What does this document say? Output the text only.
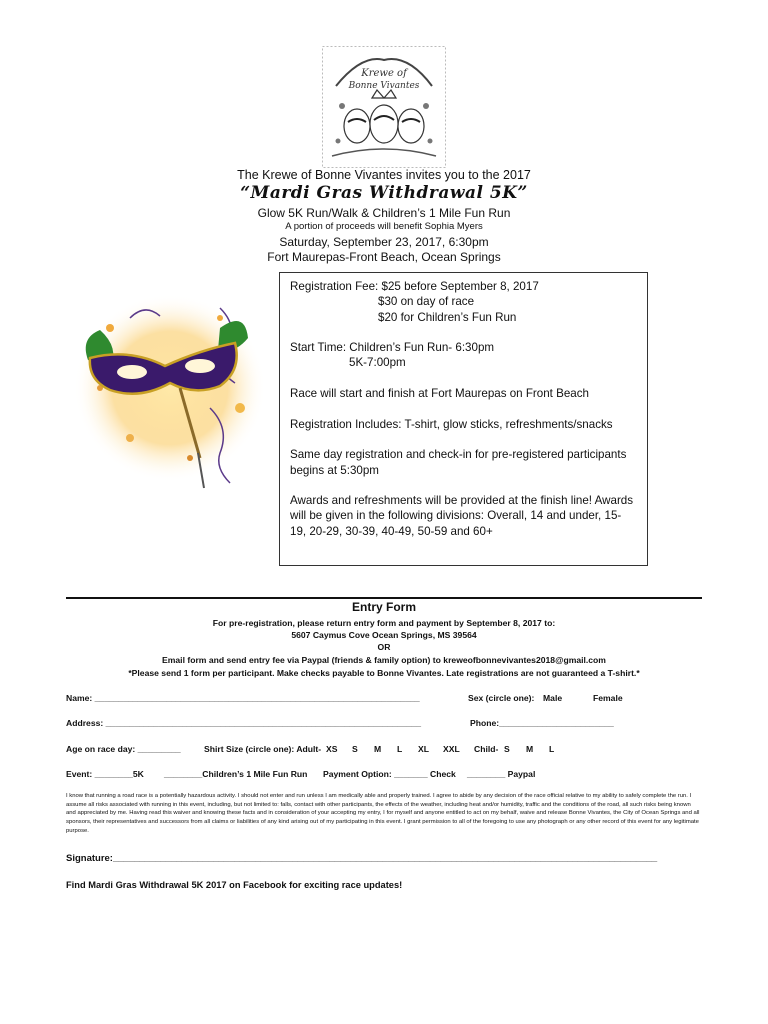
Krewe of
Bonne Vivantes
The Krewe of Bonne Vivantes invites you to the 2017
“Mardi Gras Withdrawal 5K”
Glow 5K Run/Walk & Children’s 1 Mile Fun Run
A portion of proceeds will benefit Sophia Myers
Saturday, September 23, 2017, 6:30pm
Fort Maurepas-Front Beach, Ocean Springs

Registration Fee: $25 before September 8, 2017

$30 on day of race

$20 for Children’s Fun Run

Start Time: Children’s Fun Run- 6:30pm

5K-7:00pm

Race will start and finish at Fort Maurepas on Front Beach

Registration Includes: T-shirt, glow sticks, refreshments/snacks

Same day registration and check-in for pre-registered participants begins at 5:30pm

Awards and refreshments will be provided at the finish line! Awards will be given in the following divisions: Overall, 14 and under, 15-19, 20-29, 30-39, 40-49, 50-59 and 60+

Entry Form
For pre-registration, please return entry form and payment by September 8, 2017 to:
5607 Caymus Cove Ocean Springs, MS 39564
OR
Email form and send entry fee via Paypal (friends & family option) to kreweofbonnevivantes2018@gmail.com
*Please send 1 form per participant. Make checks payable to Bonne Vivantes. Late registrations are not guaranteed a T-shirt.*
Name: ____________________________________________________________________	Sex (circle one): Male	Female
Address: __________________________________________________________________	Phone:________________________
Age on race day: _________	Shirt Size (circle one): Adult- XS S M L XL XXL Child- S M L
Event: ________5K ________Children’s 1 Mile Fun Run Payment Option: _______ Check ________ Paypal
I know that running a road race is a potentially hazardous activity. I should not enter and run unless I am medically able and properly trained. I agree to abide by any decision of the race official relative to my ability to safely complete the run. I assume all risks associated with running in this event, including, but not limited to: falls, contact with other participants, the effects of the weather, including heat and/or humidity, traffic and the conditions of the road, all such risks being known and appreciated by me. Having read this waiver and knowing these facts and in consideration of your accepting my entry, I for myself and anyone entitled to act on my behalf, waive and release Bonne Vivantes, the City of Ocean Springs and all sponsors, their representatives and successors from all claims or liabilities of any kind arising out of my participating in this event. I grant permission to all of the foregoing to use any photograph or any other record of this event for any legitimate purpose.
Signature:_______________________________________________________________________________________________________
Find Mardi Gras Withdrawal 5K 2017 on Facebook for exciting race updates!
